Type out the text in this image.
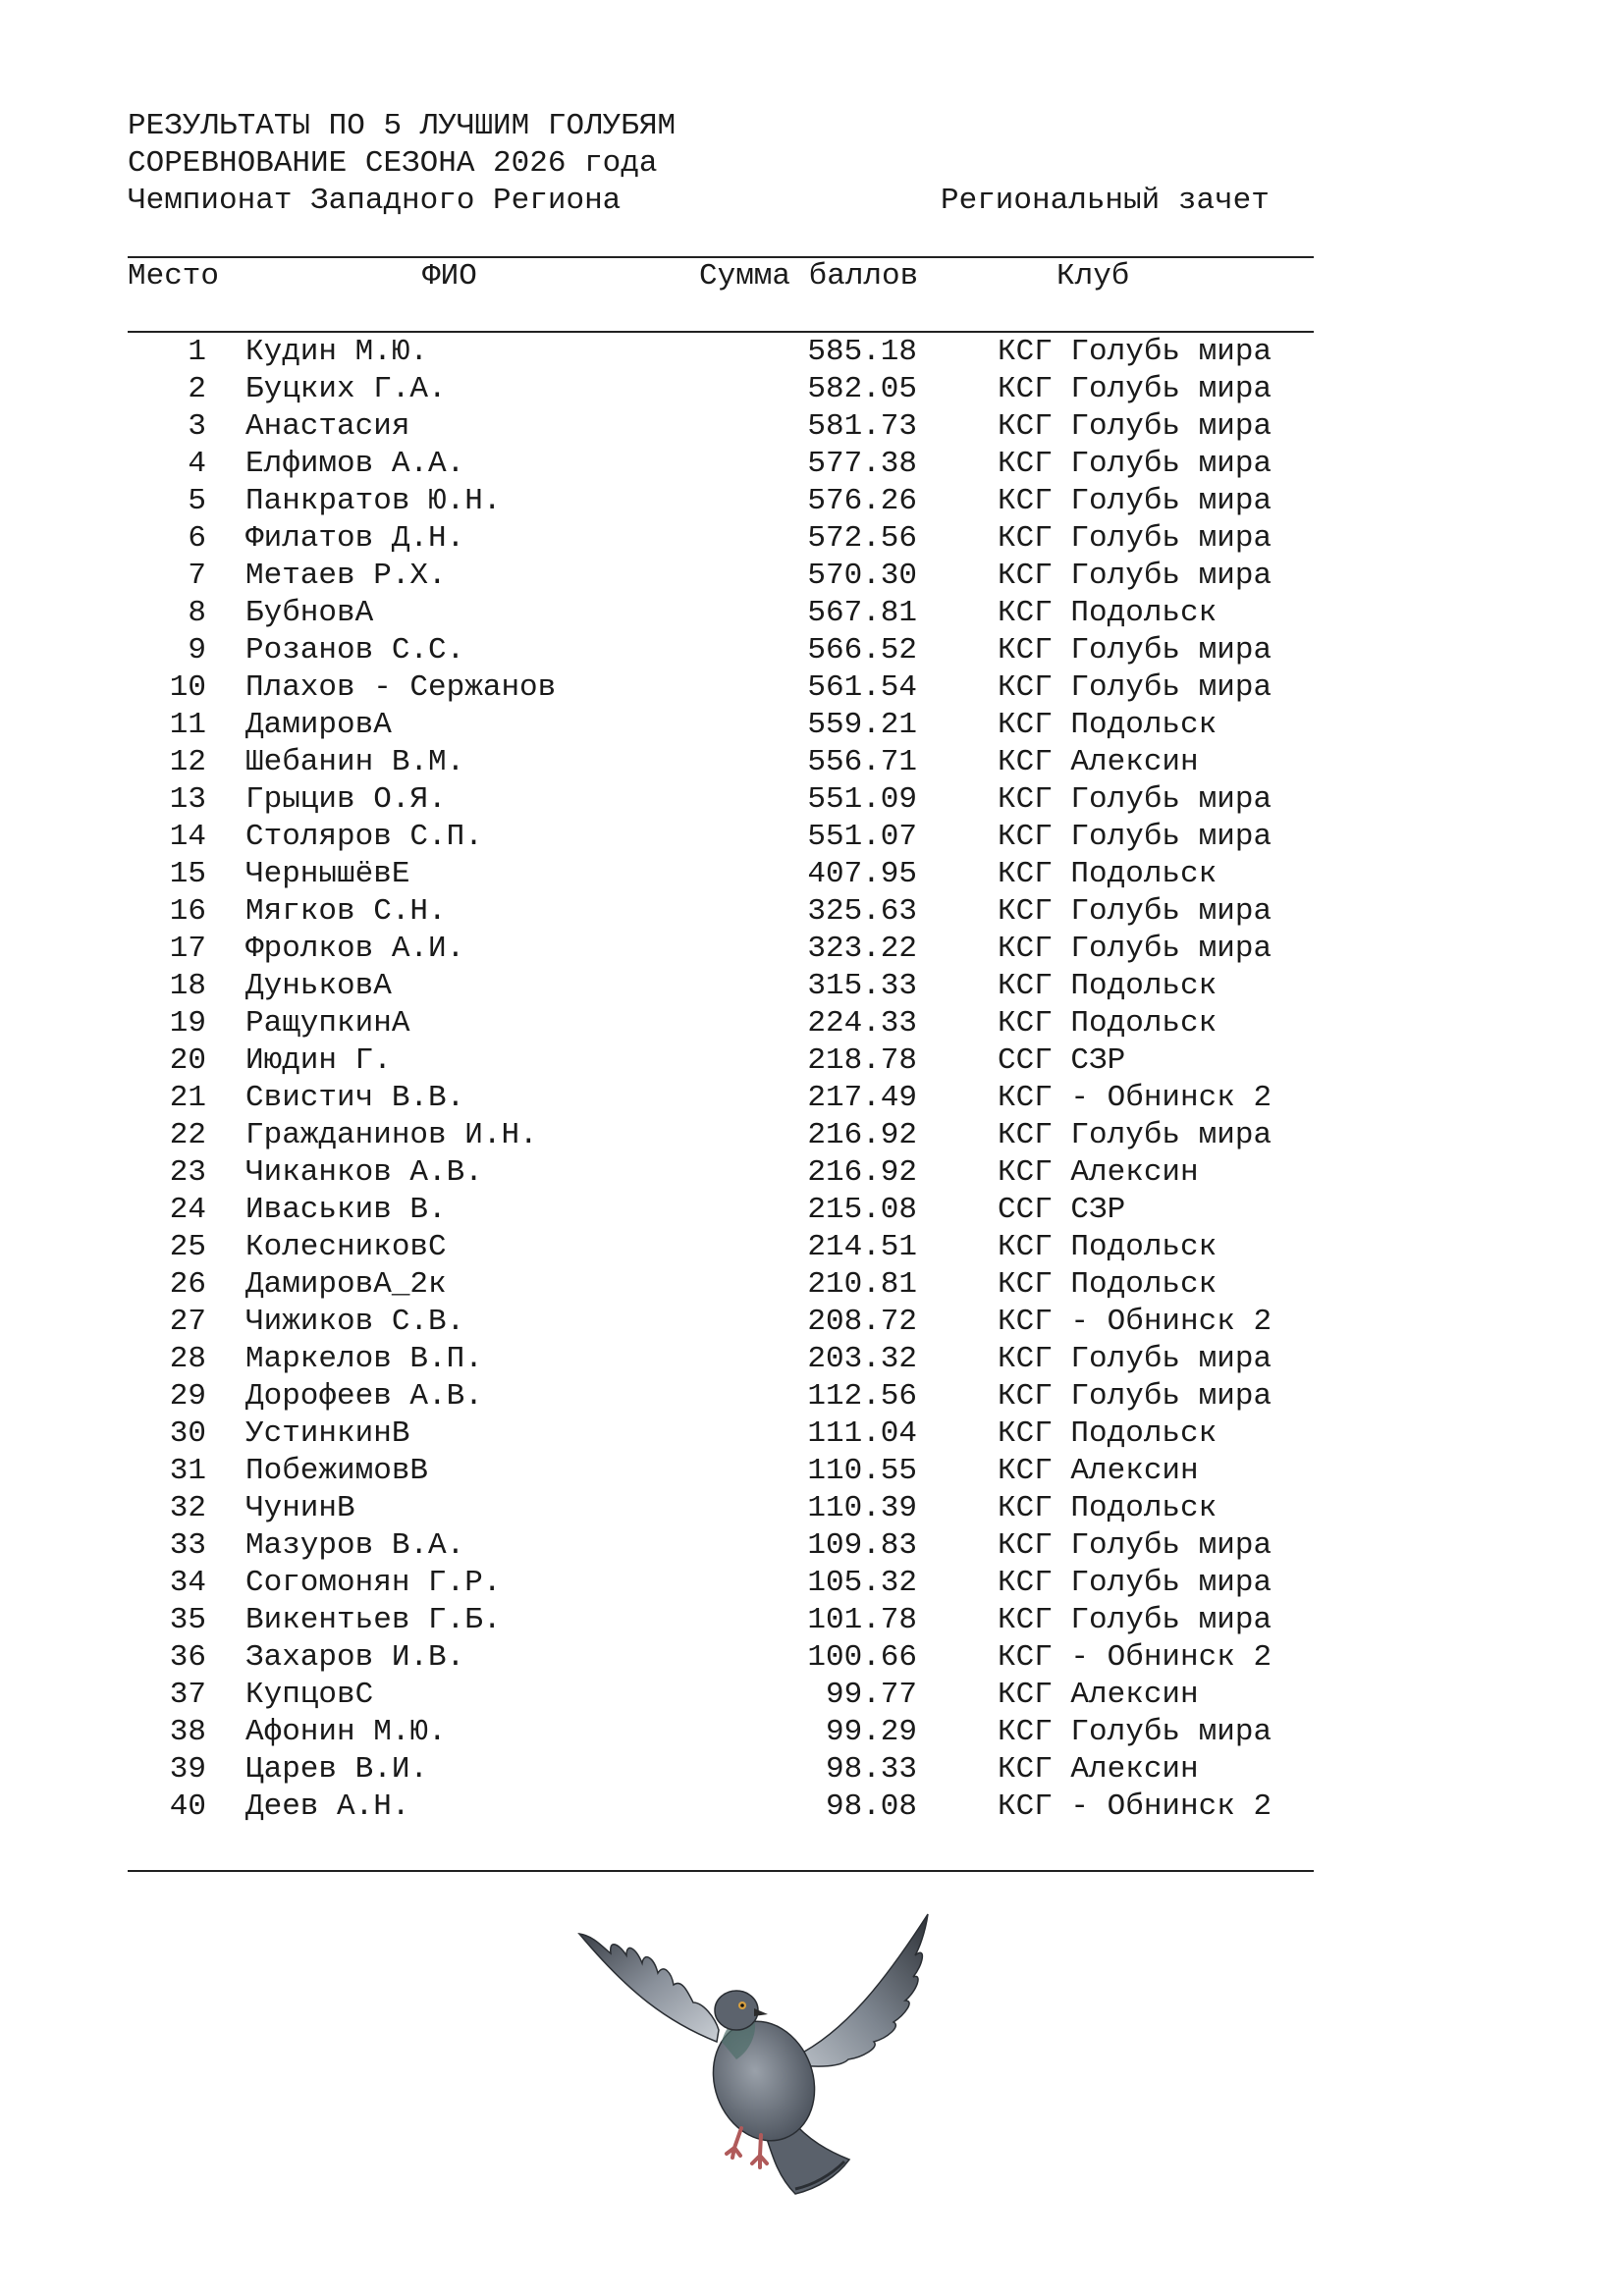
РЕЗУЛЬТАТЫ ПО 5 ЛУЧШИМ ГОЛУБЯМ
СОРЕВНОВАНИЕ СЕЗОНА 2026 года
Чемпионат Западного Региона	Региональный зачет
Место	ФИО	Сумма баллов	Клуб
1 Кудин М.Ю.	585.18	КСГ Голубь мира
2 Буцких Г.А.	582.05	КСГ Голубь мира
3 Анастасия	581.73	КСГ Голубь мира
4 Елфимов А.А.	577.38	КСГ Голубь мира
5 Панкратов Ю.Н.	576.26	КСГ Голубь мира
6 Филатов Д.Н.	572.56	КСГ Голубь мира
7 Метаев Р.Х.	570.30	КСГ Голубь мира
8 БубновА	567.81	КСГ Подольск
9 Розанов С.С.	566.52	КСГ Голубь мира
10 Плахов - Сержанов	561.54	КСГ Голубь мира
11 ДамировА	559.21	КСГ Подольск
12 Шебанин В.М.	556.71	КСГ Алексин
13 Грыцив О.Я.	551.09	КСГ Голубь мира
14 Столяров С.П.	551.07	КСГ Голубь мира
15 ЧернышёвЕ	407.95	КСГ Подольск
16 Мягков С.Н.	325.63	КСГ Голубь мира
17 Фролков А.И.	323.22	КСГ Голубь мира
18 ДуньковА	315.33	КСГ Подольск
19 РащупкинА	224.33	КСГ Подольск
20 Июдин Г.	218.78	ССГ СЗР
21 Свистич В.В.	217.49	КСГ - Обнинск 2
22 Гражданинов И.Н.	216.92	КСГ Голубь мира
23 Чиканков А.В.	216.92	КСГ Алексин
24 Иваськив В.	215.08	ССГ СЗР
25 КолесниковС	214.51	КСГ Подольск
26 ДамировА_2к	210.81	КСГ Подольск
27 Чижиков С.В.	208.72	КСГ - Обнинск 2
28 Маркелов В.П.	203.32	КСГ Голубь мира
29 Дорофеев А.В.	112.56	КСГ Голубь мира
30 УстинкинВ	111.04	КСГ Подольск
31 ПобежимовВ	110.55	КСГ Алексин
32 ЧунинВ	110.39	КСГ Подольск
33 Мазуров В.А.	109.83	КСГ Голубь мира
34 Согомонян Г.Р.	105.32	КСГ Голубь мира
35 Викентьев Г.Б.	101.78	КСГ Голубь мира
36 Захаров И.В.	100.66	КСГ - Обнинск 2
37 КупцовС	99.77	КСГ Алексин
38 Афонин М.Ю.	99.29	КСГ Голубь мира
39 Царев В.И.	98.33	КСГ Алексин
40 Деев А.Н.	98.08	КСГ - Обнинск 2
